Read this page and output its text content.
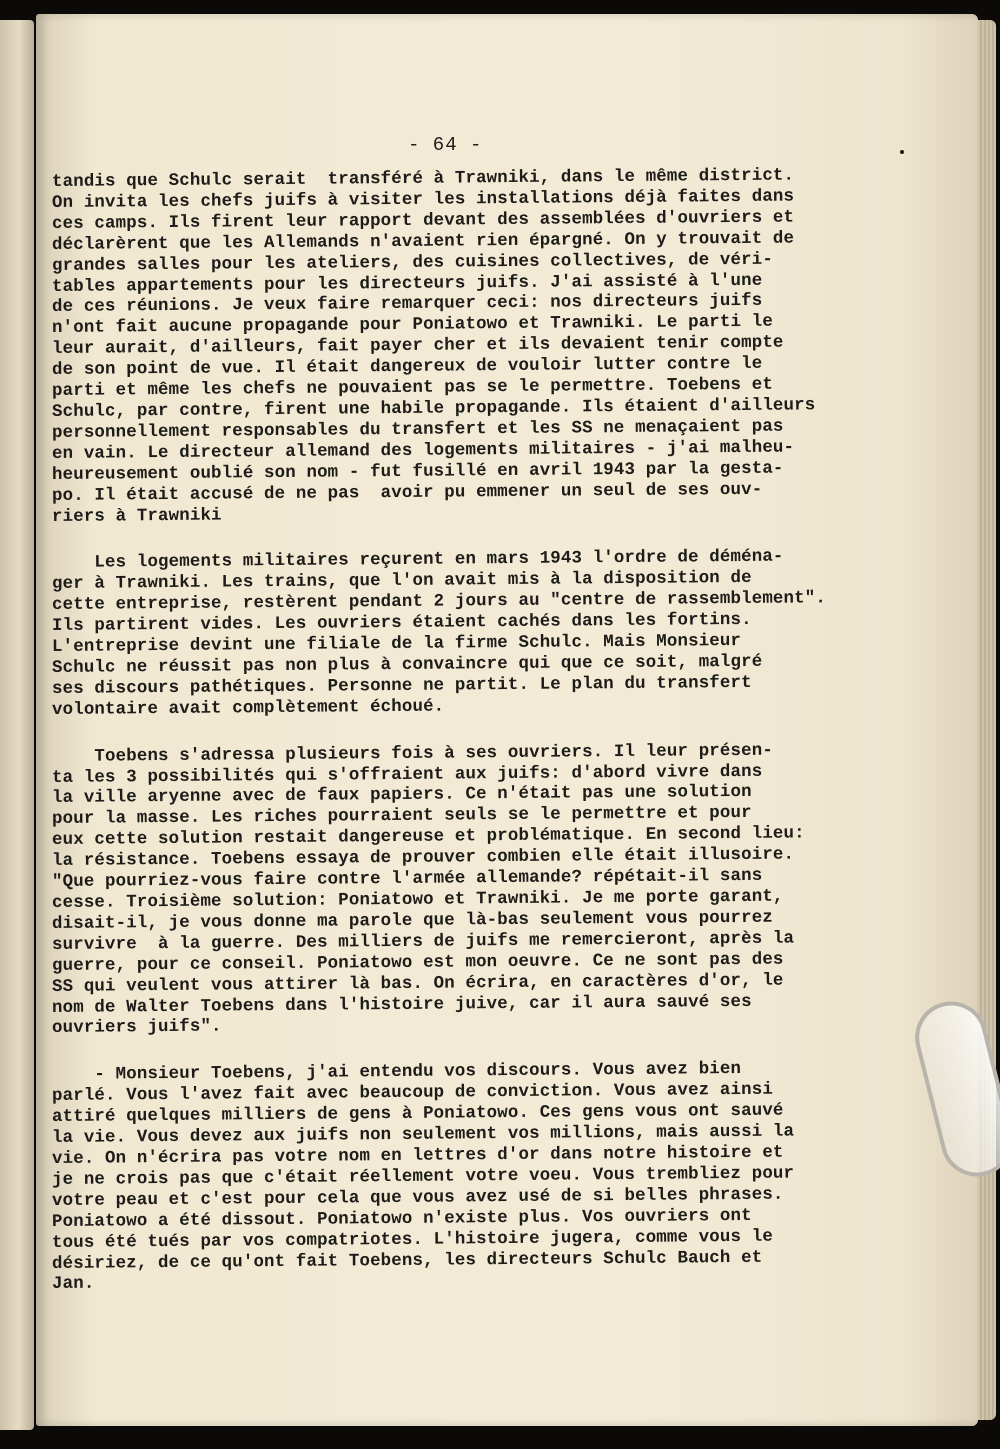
- 64 -
tandis que Schulc serait  transféré à Trawniki, dans le même district.
On invita les chefs juifs à visiter les installations déjà faites dans
ces camps. Ils firent leur rapport devant des assemblées d'ouvriers et
déclarèrent que les Allemands n'avaient rien épargné. On y trouvait de
grandes salles pour les ateliers, des cuisines collectives, de véri-
tables appartements pour les directeurs juifs. J'ai assisté à l'une
de ces réunions. Je veux faire remarquer ceci: nos directeurs juifs
n'ont fait aucune propagande pour Poniatowo et Trawniki. Le parti le
leur aurait, d'ailleurs, fait payer cher et ils devaient tenir compte
de son point de vue. Il était dangereux de vouloir lutter contre le
parti et même les chefs ne pouvaient pas se le permettre. Toebens et
Schulc, par contre, firent une habile propagande. Ils étaient d'ailleurs
personnellement responsables du transfert et les SS ne menaçaient pas
en vain. Le directeur allemand des logements militaires - j'ai malheu-
heureusement oublié son nom - fut fusillé en avril 1943 par la gesta-
po. Il était accusé de ne pas  avoir pu emmener un seul de ses ouv-
riers à Trawniki
Les logements militaires reçurent en mars 1943 l'ordre de déménа-
ger à Trawniki. Les trains, que l'on avait mis à la disposition de
cette entreprise, restèrent pendant 2 jours au "centre de rassemblement".
Ils partirent vides. Les ouvriers étaient cachés dans les fortins.
L'entreprise devint une filiale de la firme Schulc. Mais Monsieur
Schulc ne réussit pas non plus à convaincre qui que ce soit, malgré
ses discours pathétiques. Personne ne partit. Le plan du transfert
volontaire avait complètement échoué.
Toebens s'adressa plusieurs fois à ses ouvriers. Il leur présen-
ta les 3 possibilités qui s'offraient aux juifs: d'abord vivre dans
la ville aryenne avec de faux papiers. Ce n'était pas une solution
pour la masse. Les riches pourraient seuls se le permettre et pour
eux cette solution restait dangereuse et problématique. En second lieu:
la résistance. Toebens essaya de prouver combien elle était illusoire.
"Que pourriez-vous faire contre l'armée allemande? répétait-il sans
cesse. Troisième solution: Poniatowo et Trawniki. Je me porte garant,
disait-il, je vous donne ma parole que là-bas seulement vous pourrez
survivre  à la guerre. Des milliers de juifs me remercieront, après la
guerre, pour ce conseil. Poniatowo est mon oeuvre. Ce ne sont pas des
SS qui veulent vous attirer là bas. On écrira, en caractères d'or, le
nom de Walter Toebens dans l'histoire juive, car il aura sauvé ses
ouvriers juifs".
- Monsieur Toebens, j'ai entendu vos discours. Vous avez bien
parlé. Vous l'avez fait avec beaucoup de conviction. Vous avez ainsi
attiré quelques milliers de gens à Poniatowo. Ces gens vous ont sauvé
la vie. Vous devez aux juifs non seulement vos millions, mais aussi la
vie. On n'écrira pas votre nom en lettres d'or dans notre histoire et
je ne crois pas que c'était réellement votre voeu. Vous trembliez pour
votre peau et c'est pour cela que vous avez usé de si belles phrases.
Poniatowo a été dissout. Poniatowo n'existe plus. Vos ouvriers ont
tous été tués par vos compatriotes. L'histoire jugera, comme vous le
désiriez, de ce qu'ont fait Toebens, les directeurs Schulc Bauch et
Jan.
